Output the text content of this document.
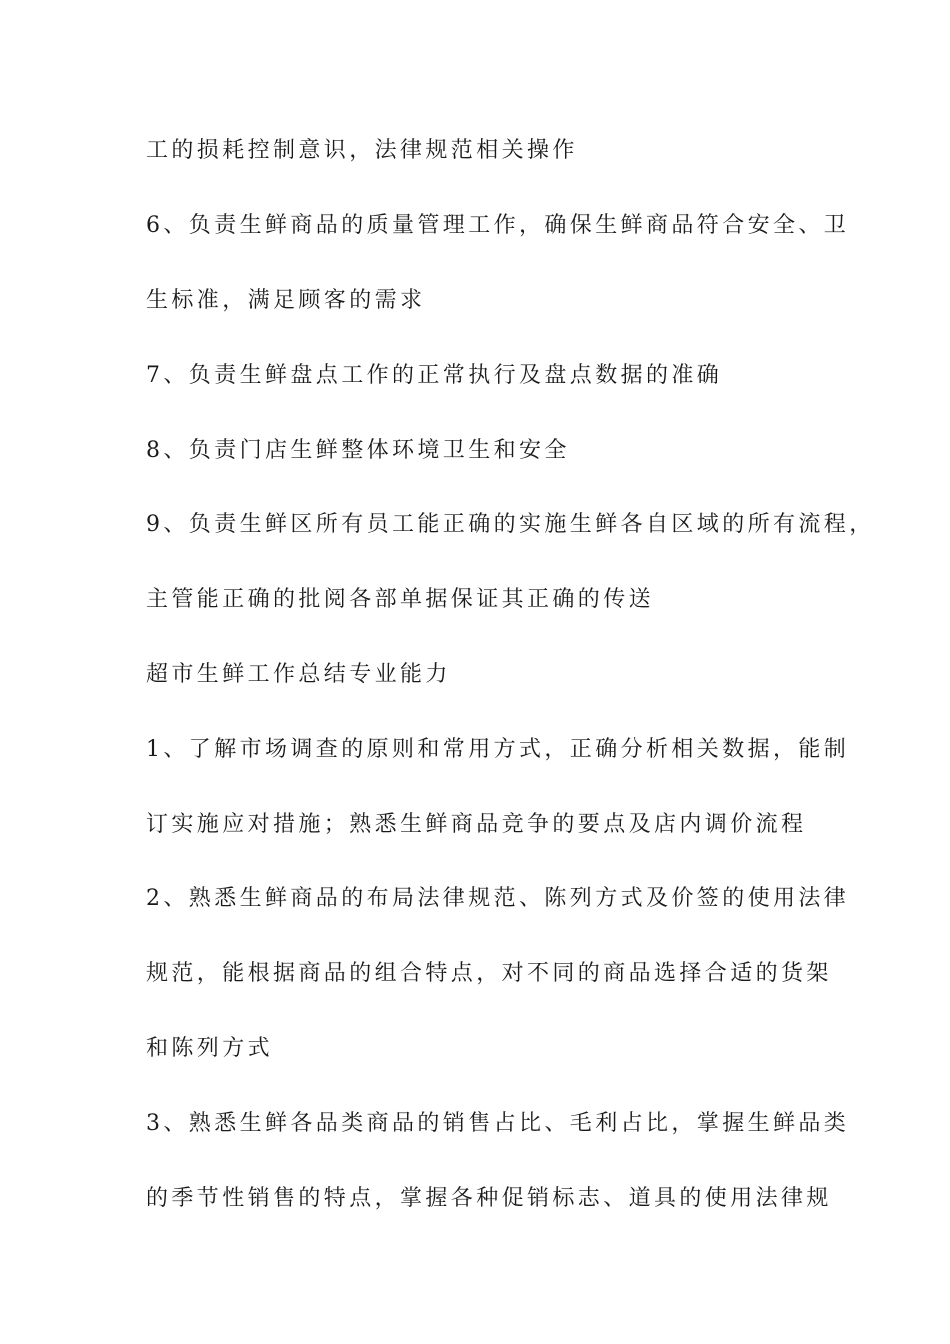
工的损耗控制意识，法律规范相关操作
6、负责生鲜商品的质量管理工作，确保生鲜商品符合安全、卫
生标准，满足顾客的需求
7、负责生鲜盘点工作的正常执行及盘点数据的准确
8、负责门店生鲜整体环境卫生和安全
9、负责生鲜区所有员工能正确的实施生鲜各自区域的所有流程，
主管能正确的批阅各部单据保证其正确的传送
超市生鲜工作总结专业能力
1、了解市场调查的原则和常用方式，正确分析相关数据，能制
订实施应对措施；熟悉生鲜商品竞争的要点及店内调价流程
2、熟悉生鲜商品的布局法律规范、陈列方式及价签的使用法律
规范，能根据商品的组合特点，对不同的商品选择合适的货架
和陈列方式
3、熟悉生鲜各品类商品的销售占比、毛利占比，掌握生鲜品类
的季节性销售的特点，掌握各种促销标志、道具的使用法律规
